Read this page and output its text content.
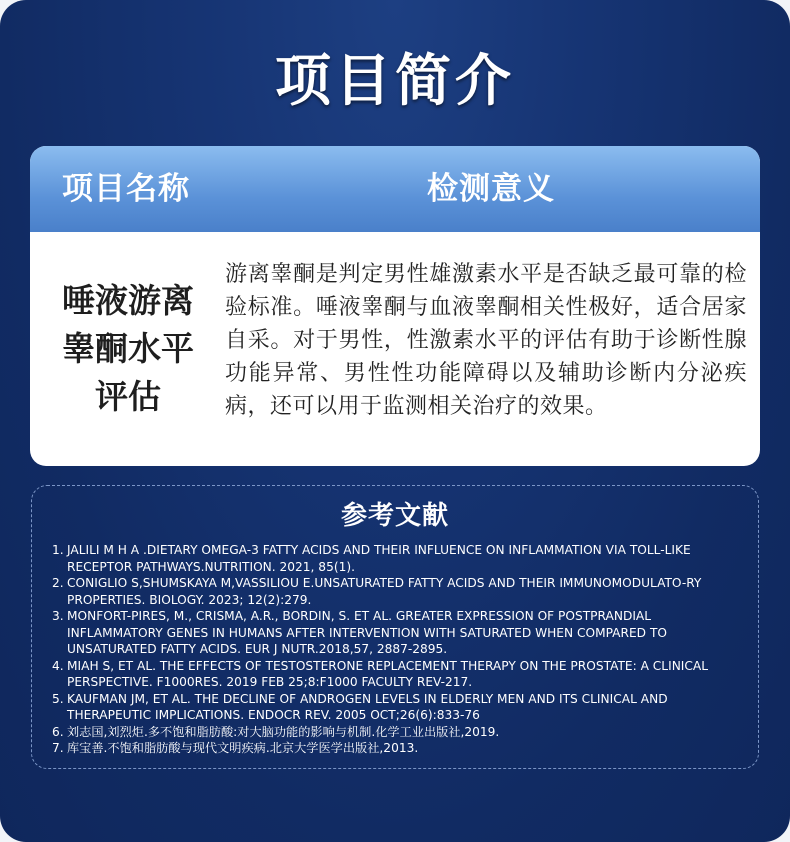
项目简介
项目名称	检测意义
唾液游离睾酮水平评估
游离睾酮是判定男性雄激素水平是否缺乏最可靠的检验标准。唾液睾酮与血液睾酮相关性极好，适合居家自采。对于男性，性激素水平的评估有助于诊断性腺功能异常、男性性功能障碍以及辅助诊断内分泌疾病，还可以用于监测相关治疗的效果。
参考文献
1. JALILI M H A .DIETARY OMEGA-3 FATTY ACIDS AND THEIR INFLUENCE ON INFLAMMATION VIA TOLL-LIKE RECEPTOR PATHWAYS.NUTRITION. 2021, 85(1).
2. CONIGLIO S,SHUMSKAYA M,VASSILIOU E.UNSATURATED FATTY ACIDS AND THEIR IMMUNOMODULATO-RY PROPERTIES. BIOLOGY. 2023; 12(2):279.
3. MONFORT-PIRES, M., CRISMA, A.R., BORDIN, S. ET AL. GREATER EXPRESSION OF POSTPRANDIAL INFLAMMATORY GENES IN HUMANS AFTER INTERVENTION WITH SATURATED WHEN COMPARED TO UNSATURATED FATTY ACIDS. EUR J NUTR.2018,57, 2887-2895.
4. MIAH S, ET AL. THE EFFECTS OF TESTOSTERONE REPLACEMENT THERAPY ON THE PROSTATE: A CLINICAL PERSPECTIVE. F1000RES. 2019 FEB 25;8:F1000 FACULTY REV-217.
5. KAUFMAN JM, ET AL. THE DECLINE OF ANDROGEN LEVELS IN ELDERLY MEN AND ITS CLINICAL AND THERAPEUTIC IMPLICATIONS. ENDOCR REV. 2005 OCT;26(6):833-76
6. 刘志国,刘烈炬.多不饱和脂肪酸:对大脑功能的影响与机制.化学工业出版社,2019.
7. 库宝善.不饱和脂肪酸与现代文明疾病.北京大学医学出版社,2013.
